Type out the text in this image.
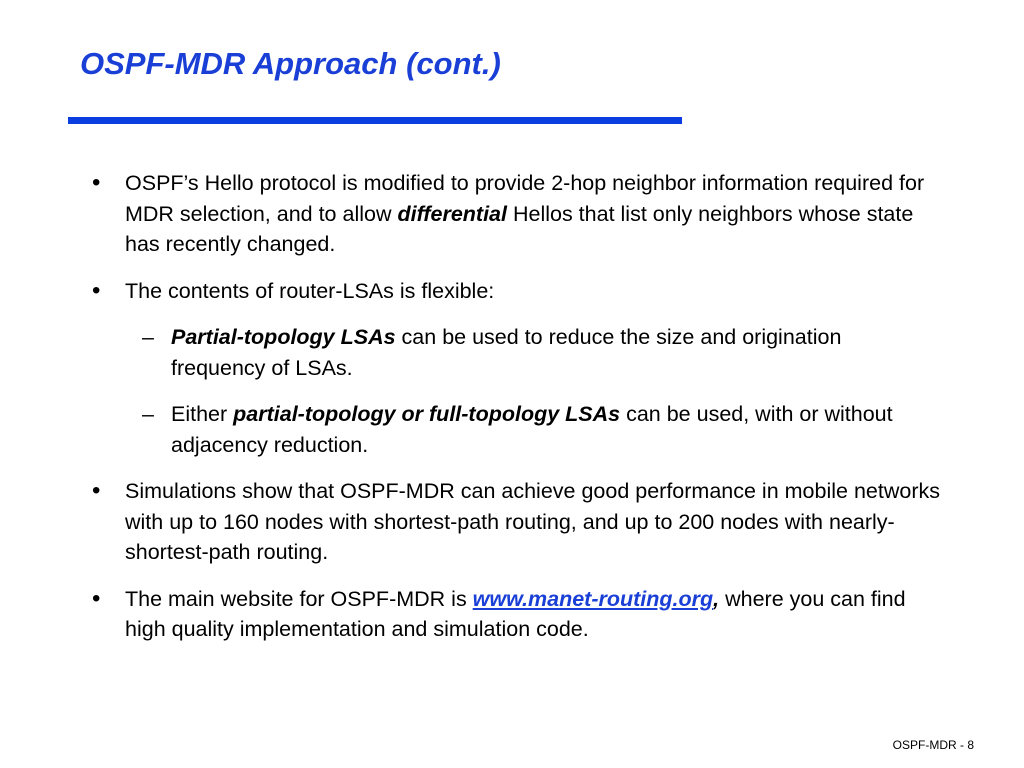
OSPF-MDR Approach (cont.)
• OSPF’s Hello protocol is modified to provide 2-hop neighbor information required for MDR selection, and to allow differential Hellos that list only neighbors whose state has recently changed.
• The contents of router-LSAs is flexible:
– Partial-topology LSAs can be used to reduce the size and origination frequency of LSAs.
– Either partial-topology or full-topology LSAs can be used, with or without adjacency reduction.
• Simulations show that OSPF-MDR can achieve good performance in mobile networks with up to 160 nodes with shortest-path routing, and up to 200 nodes with nearly-shortest-path routing.
• The main website for OSPF-MDR is www.manet-routing.org, where you can find high quality implementation and simulation code.
OSPF-MDR - 8
